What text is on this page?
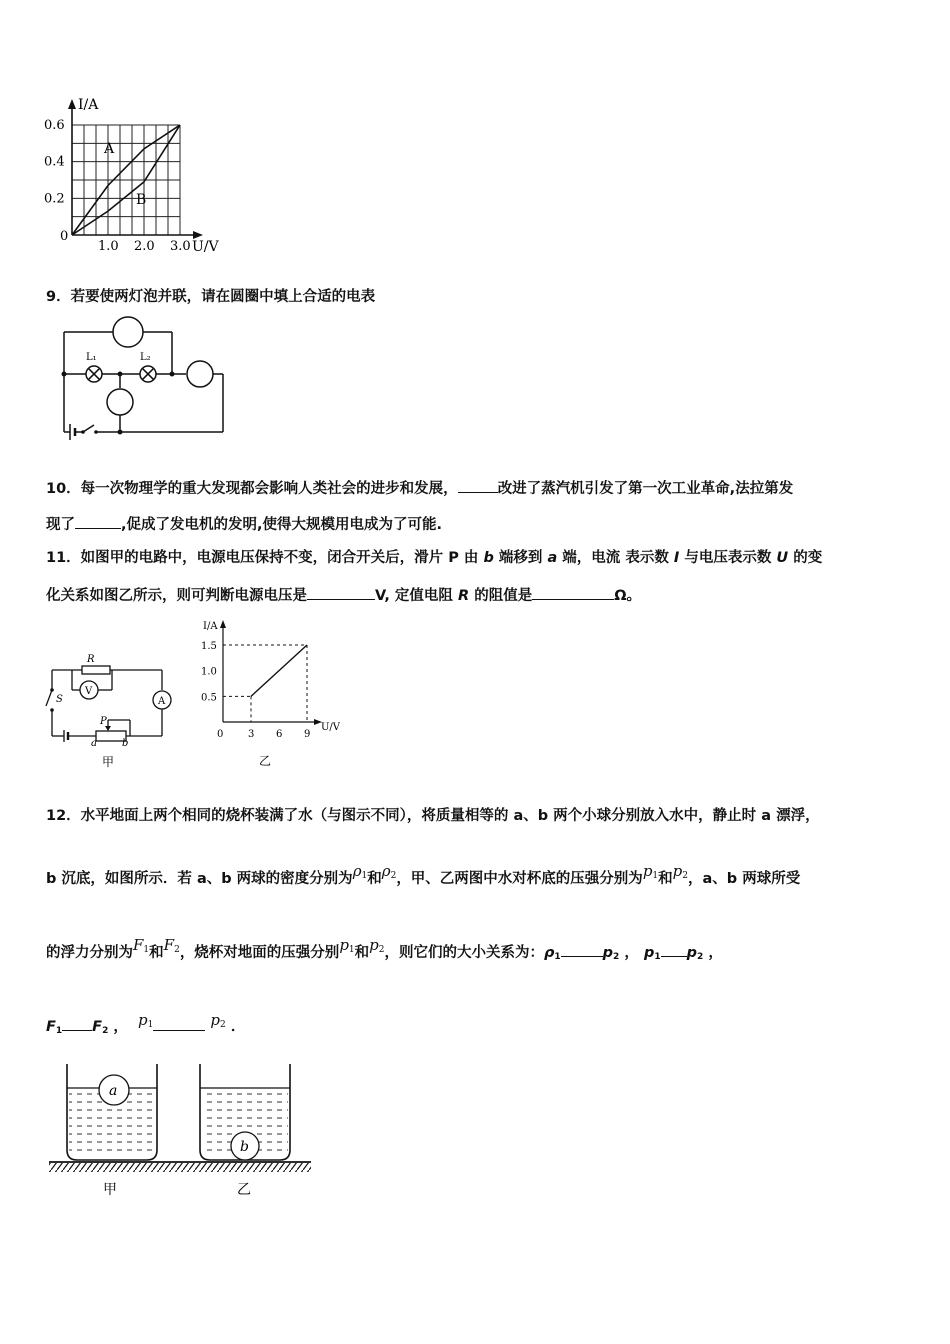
I/A
U/V
0
1.0 2.0 3.0
0.2
0.4
0.6
A
B
9．若要使两灯泡并联，请在圆圈中填上合适的电表
L₁	L₂
10．每一次物理学的重大发现都会影响人类社会的进步和发展，	改进了蒸汽机引发了第一次工业革命,法拉第发
现了	,促成了发电机的发明,使得大规模用电成为了可能.
11．如图甲的电路中，电源电压保持不变，闭合开关后，滑片 P 由 b 端移到 a 端，电流 表示数 I 与电压表示数 U 的变
化关系如图乙所示，则可判断电源电压是	V, 定值电阻 R 的阻值是	Ω。
R
V
A
S
P
a	b
甲
I/A
U/V
0
乙
3 6 9
0.5
1.0
1.5
12．水平地面上两个相同的烧杯装满了水（与图示不同），将质量相等的 a、b 两个小球分别放入水中，静止时 a 漂浮，
b 沉底，如图所示．若 a、b 两球的密度分别为$\rho_1$和$\rho_2$，甲、乙两图中水对杯底的压强分别为$p_1$和$p_2$，a、b 两球所受
的浮力分别为$F_1$和$F_2$，烧杯对地面的压强分别$p_1$和$p_2$，则它们的大小关系为：$\rho_1$	$p_2$ ， $p_1$ $p_2$ ，
$F_1$ $F_2$ ， $p_1$	$p_2$ ．
a
b
甲	乙
